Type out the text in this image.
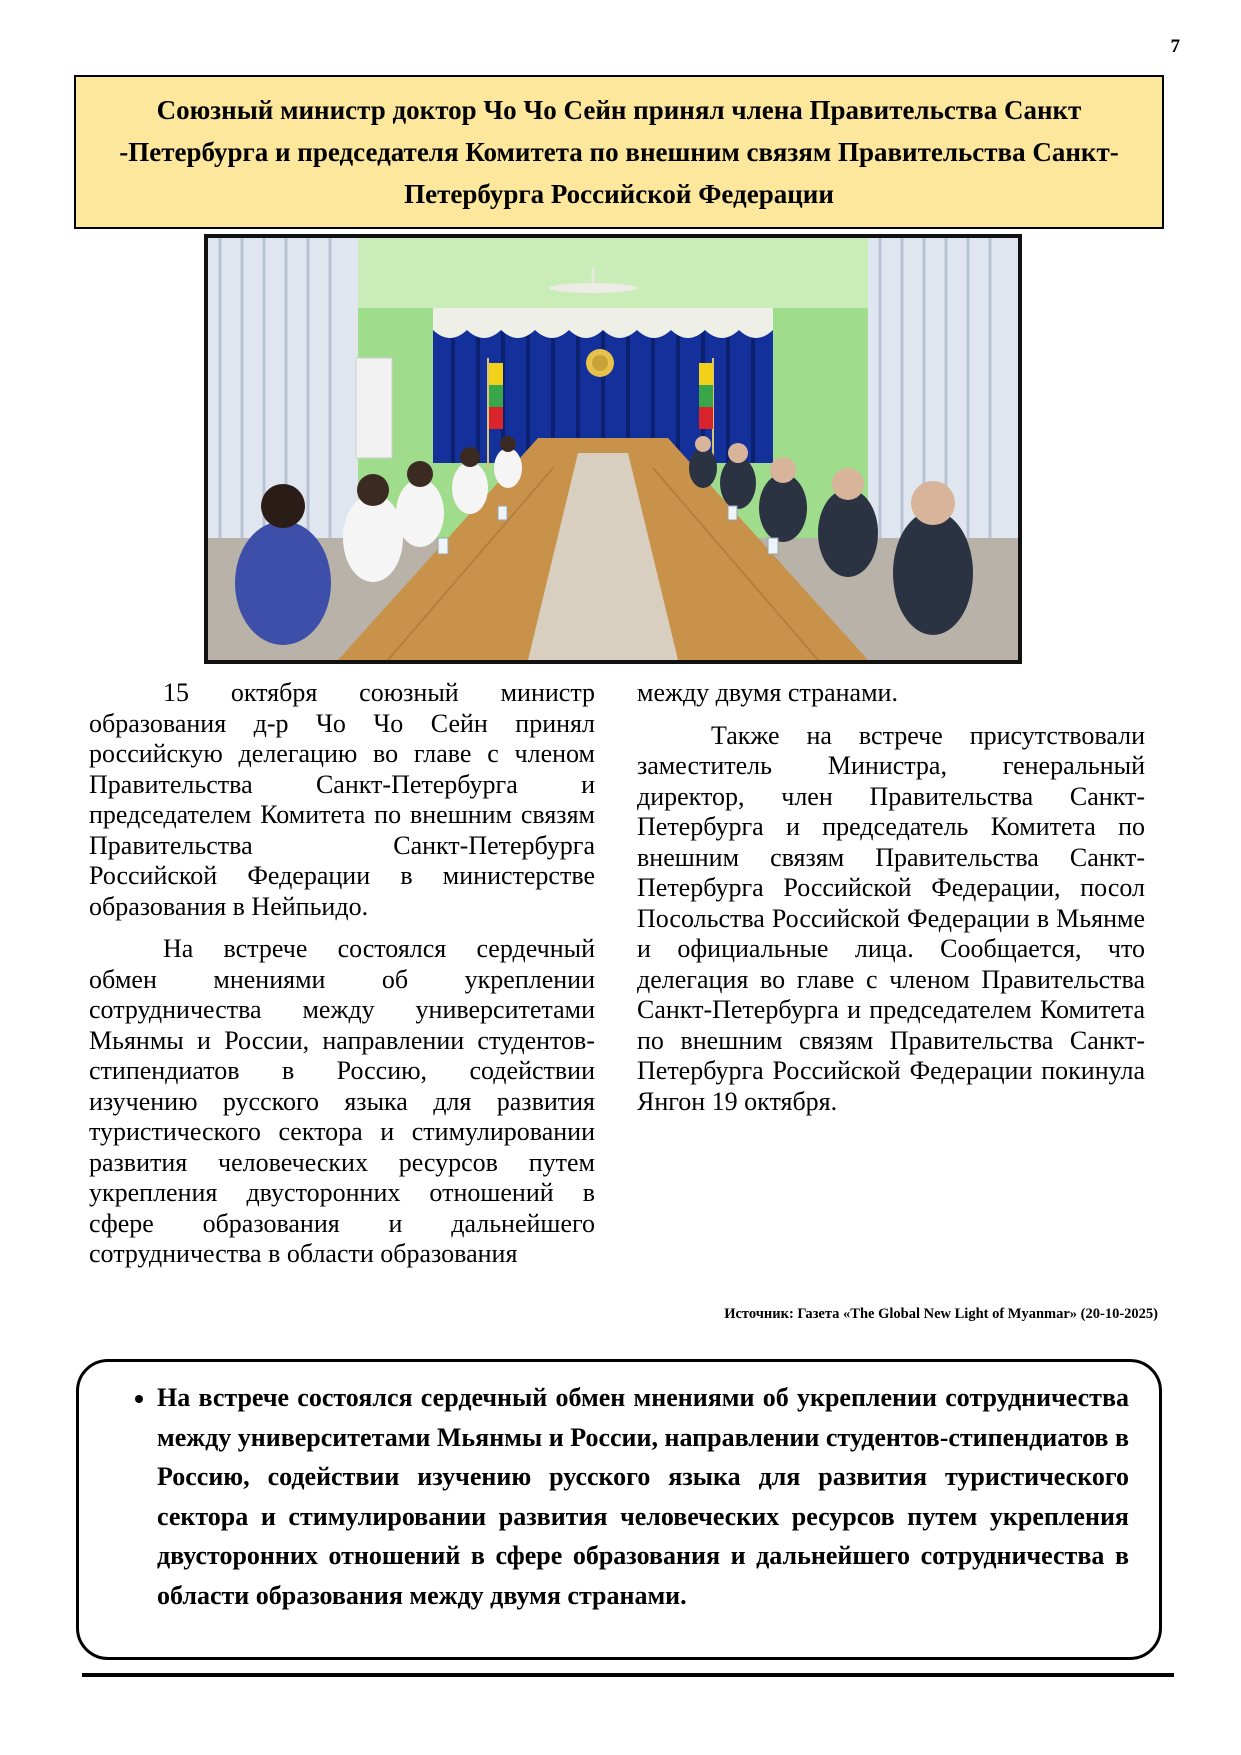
7
Союзный министр доктор Чо Чо Сейн принял члена Правительства Санкт -Петербурга и председателя Комитета по внешним связям Правительства Санкт-Петербурга Российской Федерации

15 октября союзный министр образования д-р Чо Чо Сейн принял российскую делегацию во главе с членом Правительства Санкт-Петербурга и председателем Комитета по внешним связям Правительства Санкт-Петербурга Российской Федерации в министерстве образования в Нейпьидо.

На встрече состоялся сердечный обмен мнениями об укреплении сотрудничества между университетами Мьянмы и России, направлении студентов-стипендиатов в Россию, содействии изучению русского языка для развития туристического сектора и стимулировании развития человеческих ресурсов путем укрепления двусторонних отношений в сфере образования и дальнейшего сотрудничества в области образования

между двумя странами.

Также на встрече присутствовали заместитель Министра, генеральный директор, член Правительства Санкт-Петербурга и председатель Комитета по внешним связям Правительства Санкт-Петербурга Российской Федерации, посол Посольства Российской Федерации в Мьянме и официальные лица. Сообщается, что делегация во главе с членом Правительства Санкт-Петербурга и председателем Комитета по внешним связям Правительства Санкт-Петербурга Российской Федерации покинула Янгон 19 октября.

Источник: Газета «The Global New Light of Myanmar» (20-10-2025)
• На встрече состоялся сердечный обмен мнениями об укреплении сотрудничества между университетами Мьянмы и России, направлении студентов-стипендиатов в Россию, содействии изучению русского языка для развития туристического сектора и стимулировании развития человеческих ресурсов путем укрепления двусторонних отношений в сфере образования и дальнейшего сотрудничества в области образования между двумя странами.
